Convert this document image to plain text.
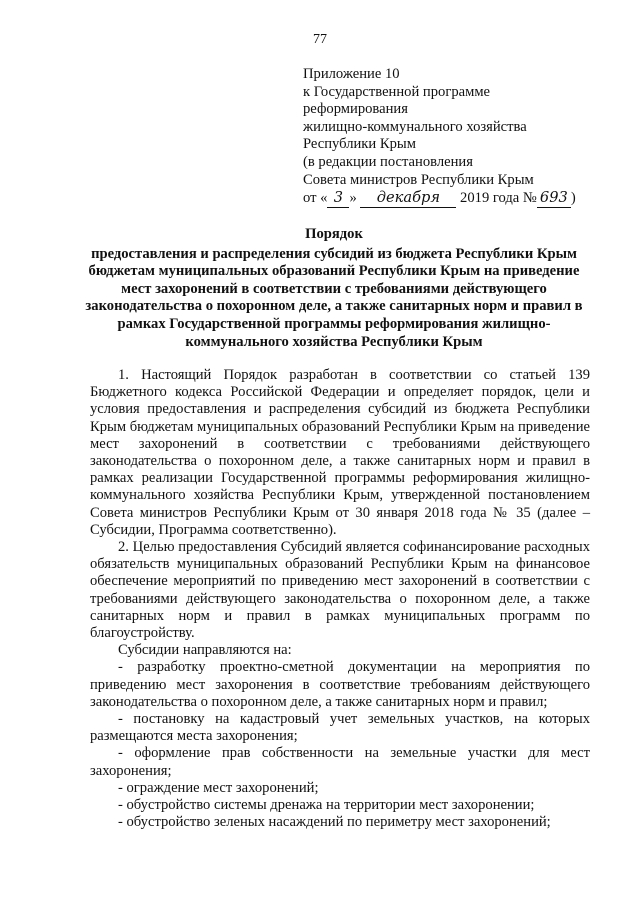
77
Приложение 10
к Государственной программе
реформирования
жилищно-коммунального хозяйства
Республики Крым
(в редакции постановления
Совета министров Республики Крым
от « 3 » декабря 2019 года № 693 )
Порядок
предоставления и распределения субсидий из бюджета Республики Крым бюджетам муниципальных образований Республики Крым на приведение мест захоронений в соответствии с требованиями действующего законодательства о похоронном деле, а также санитарных норм и правил в рамках Государственной программы реформирования жилищно-коммунального хозяйства Республики Крым

1. Настоящий Порядок разработан в соответствии со статьей 139 Бюджетного кодекса Российской Федерации и определяет порядок, цели и условия предоставления и распределения субсидий из бюджета Республики Крым бюджетам муниципальных образований Республики Крым на приведение мест захоронений в соответствии с требованиями действующего законодательства о похоронном деле, а также санитарных норм и правил в рамках реализации Государственной программы реформирования жилищно-коммунального хозяйства Республики Крым, утвержденной постановлением Совета министров Республики Крым от 30 января 2018 года № 35 (далее – Субсидии, Программа соответственно).

2. Целью предоставления Субсидий является софинансирование расходных обязательств муниципальных образований Республики Крым на финансовое обеспечение мероприятий по приведению мест захоронений в соответствии с требованиями действующего законодательства о похоронном деле, а также санитарных норм и правил в рамках муниципальных программ по благоустройству.

Субсидии направляются на:

- разработку проектно-сметной документации на мероприятия по приведению мест захоронения в соответствие требованиям действующего законодательства о похоронном деле, а также санитарных норм и правил;

- постановку на кадастровый учет земельных участков, на которых размещаются места захоронения;

- оформление прав собственности на земельные участки для мест захоронения;

- ограждение мест захоронений;

- обустройство системы дренажа на территории мест захоронении;

- обустройство зеленых насаждений по периметру мест захоронений;
